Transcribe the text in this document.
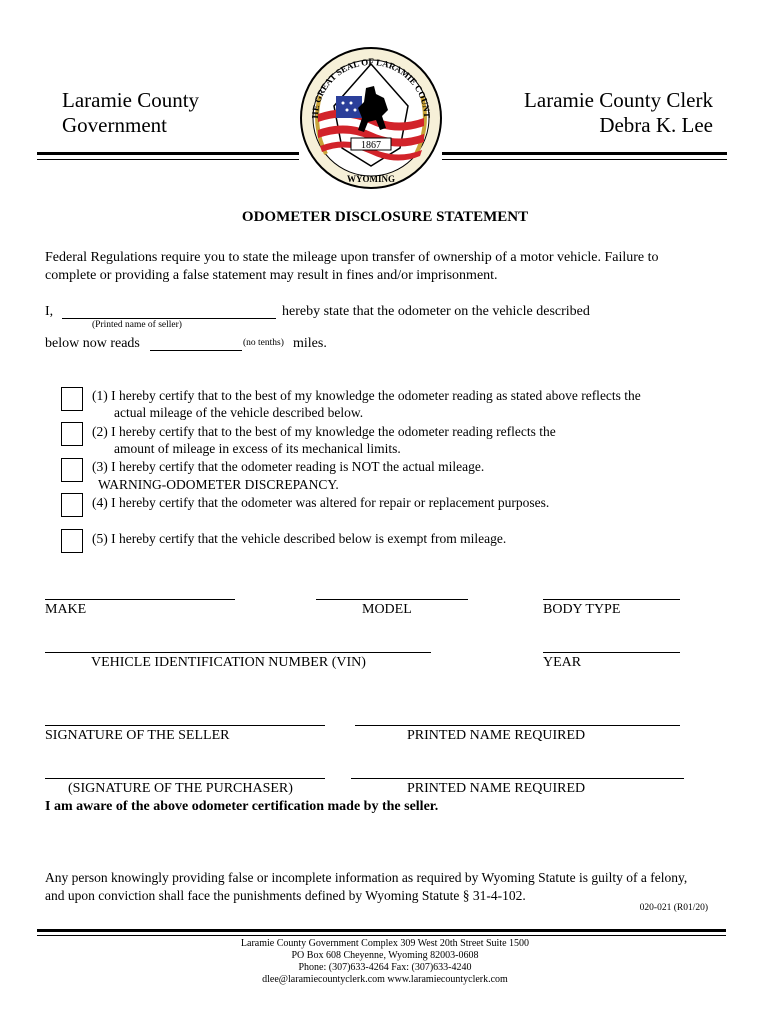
Laramie County
Government
Laramie County Clerk
Debra K. Lee
1867
HE GREAT SEAL OF LARAMIE COUNT
WYOMING
ODOMETER DISCLOSURE STATEMENT
Federal Regulations require you to state the mileage upon transfer of ownership of a motor vehicle. Failure to
complete or providing a false statement may result in fines and/or imprisonment.
I,	hereby state that the odometer on the vehicle described
(Printed name of seller)
below now reads	(no tenths) miles.
(1) I hereby certify that to the best of my knowledge the odometer reading as stated above reflects the
actual mileage of the vehicle described below.
(2) I hereby certify that to the best of my knowledge the odometer reading reflects the
amount of mileage in excess of its mechanical limits.
(3) I hereby certify that the odometer reading is NOT the actual mileage.
WARNING-ODOMETER DISCREPANCY.
(4) I hereby certify that the odometer was altered for repair or replacement purposes.
(5) I hereby certify that the vehicle described below is exempt from mileage.
MAKE	MODEL	BODY TYPE
VEHICLE IDENTIFICATION NUMBER (VIN)	YEAR
SIGNATURE OF THE SELLER	PRINTED NAME REQUIRED
(SIGNATURE OF THE PURCHASER)	PRINTED NAME REQUIRED
I am aware of the above odometer certification made by the seller.
Any person knowingly providing false or incomplete information as required by Wyoming Statute is guilty of a felony,
and upon conviction shall face the punishments defined by Wyoming Statute § 31-4-102.
020-021 (R01/20)
Laramie County Government Complex 309 West 20th Street Suite 1500
PO Box 608 Cheyenne, Wyoming 82003-0608
Phone: (307)633-4264 Fax: (307)633-4240
dlee@laramiecountyclerk.com www.laramiecountyclerk.com
